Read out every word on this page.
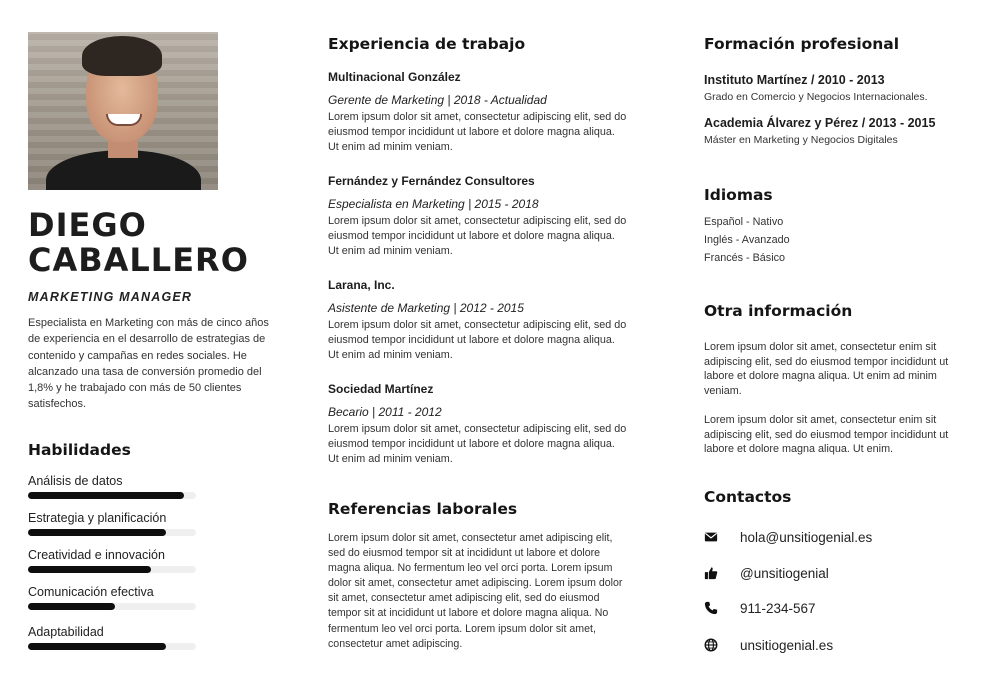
DIEGO
CABALLERO

MARKETING MANAGER

Especialista en Marketing con más de cinco años de experiencia en el desarrollo de estrategias de contenido y campañas en redes sociales. He alcanzado una tasa de conversión promedio del 1,8% y he trabajado con más de 50 clientes satisfechos.

Habilidades
Análisis de datos
Estrategia y planificación
Creatividad e innovación
Comunicación efectiva
Adaptabilidad
Experiencia de trabajo

Multinacional González

Gerente de Marketing | 2018 - Actualidad

Lorem ipsum dolor sit amet, consectetur adipiscing elit, sed do eiusmod tempor incididunt ut labore et dolore magna aliqua. Ut enim ad minim veniam.

Fernández y Fernández Consultores

Especialista en Marketing | 2015 - 2018

Lorem ipsum dolor sit amet, consectetur adipiscing elit, sed do eiusmod tempor incididunt ut labore et dolore magna aliqua. Ut enim ad minim veniam.

Larana, Inc.

Asistente de Marketing | 2012 - 2015

Lorem ipsum dolor sit amet, consectetur adipiscing elit, sed do eiusmod tempor incididunt ut labore et dolore magna aliqua. Ut enim ad minim veniam.

Sociedad Martínez

Becario | 2011 - 2012

Lorem ipsum dolor sit amet, consectetur adipiscing elit, sed do eiusmod tempor incididunt ut labore et dolore magna aliqua. Ut enim ad minim veniam.

Referencias laborales

Lorem ipsum dolor sit amet, consectetur amet adipiscing elit, sed do eiusmod tempor sit at incididunt ut labore et dolore magna aliqua. No fermentum leo vel orci porta. Lorem ipsum dolor sit amet, consectetur amet adipiscing. Lorem ipsum dolor sit amet, consectetur amet adipiscing elit, sed do eiusmod tempor sit at incididunt ut labore et dolore magna aliqua. No fermentum leo vel orci porta. Lorem ipsum dolor sit amet, consectetur amet adipiscing.

Formación profesional

Instituto Martínez / 2010 - 2013

Grado en Comercio y Negocios Internacionales.

Academia Álvarez y Pérez / 2013 - 2015

Máster en Marketing y Negocios Digitales

Idiomas

Español - Nativo

Inglés - Avanzado

Francés - Básico

Otra información

Lorem ipsum dolor sit amet, consectetur enim sit adipiscing elit, sed do eiusmod tempor incididunt ut labore et dolore magna aliqua. Ut enim ad minim veniam.

Lorem ipsum dolor sit amet, consectetur enim sit adipiscing elit, sed do eiusmod tempor incididunt ut labore et dolore magna aliqua. Ut enim.

Contactos
hola@unsitiogenial.es
@unsitiogenial
911-234-567
unsitiogenial.es
